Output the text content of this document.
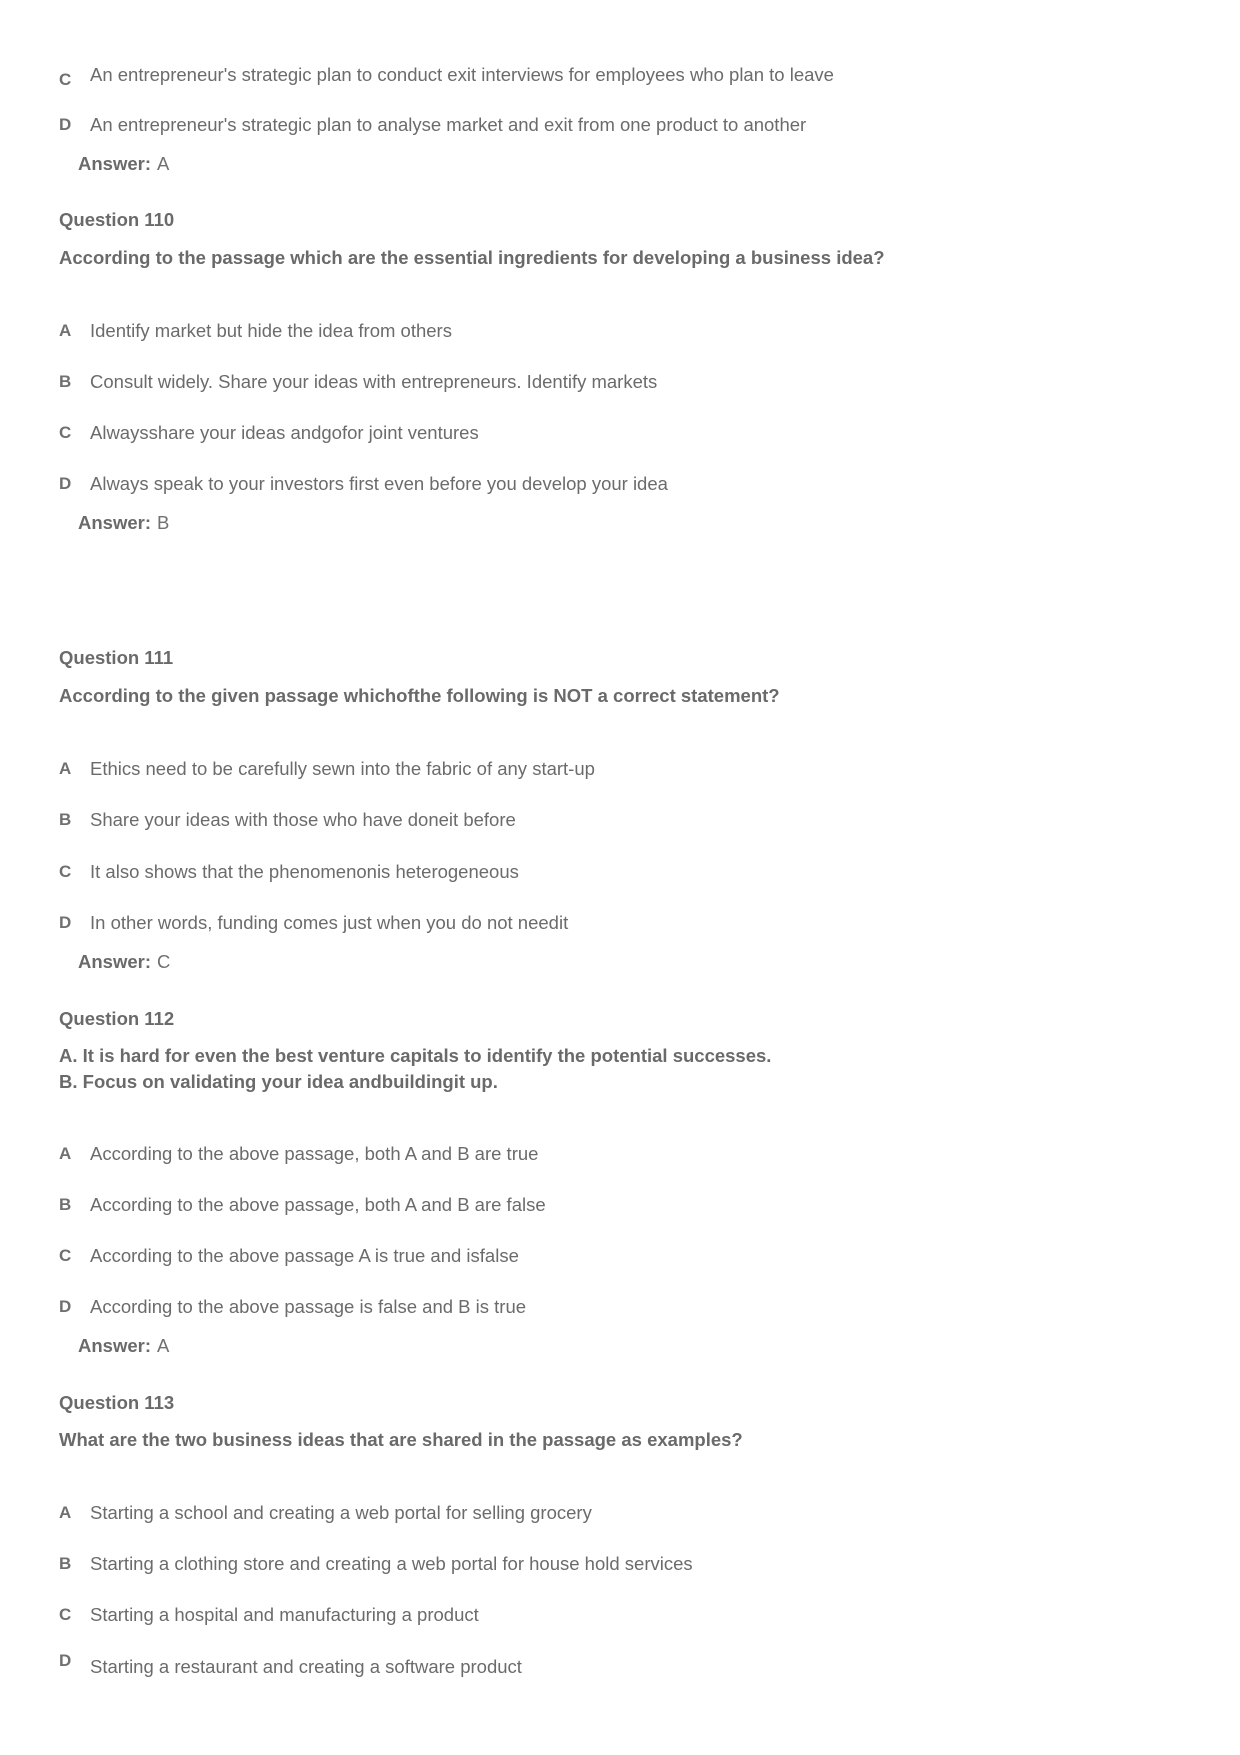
C	An entrepreneur's strategic plan to conduct exit interviews for employees who plan to leave
D	An entrepreneur's strategic plan to analyse market and exit from one product to another
Answer: A
Question 110
According to the passage which are the essential ingredients for developing a business idea?
A	Identify market but hide the idea from others
B	Consult widely. Share your ideas with entrepreneurs. Identify markets
C	Alwaysshare your ideas andgofor joint ventures
D	Always speak to your investors first even before you develop your idea
Answer: B
Question 111
According to the given passage whichofthe following is NOT a correct statement?
A	Ethics need to be carefully sewn into the fabric of any start-up
B	Share your ideas with those who have doneit before
C	It also shows that the phenomenonis heterogeneous
D	In other words, funding comes just when you do not needit
Answer: C
Question 112
A. It is hard for even the best venture capitals to identify the potential successes.
B. Focus on validating your idea andbuildingit up.
A	According to the above passage, both A and B are true
B	According to the above passage, both A and B are false
C	According to the above passage A is true and isfalse
D	According to the above passage is false and B is true
Answer: A
Question 113
What are the two business ideas that are shared in the passage as examples?
A	Starting a school and creating a web portal for selling grocery
B	Starting a clothing store and creating a web portal for house hold services
C	Starting a hospital and manufacturing a product
D	Starting a restaurant and creating a software product
